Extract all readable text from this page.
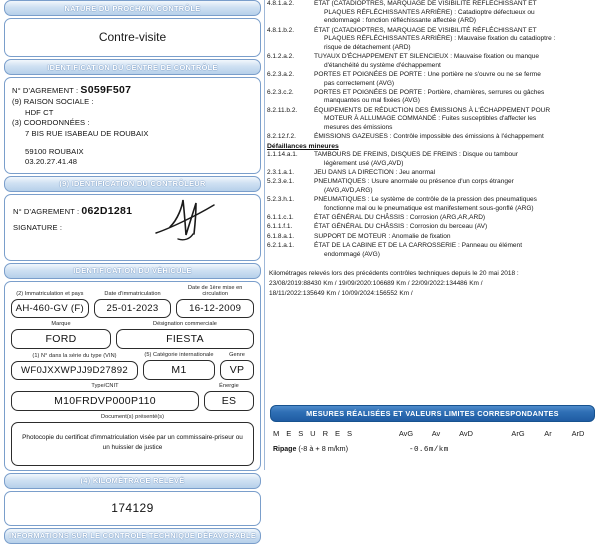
NATURE DU PROCHAIN CONTRÔLE
Contre-visite
IDENTIFICATION DU CENTRE DE CONTRÔLE
N° D'AGREMENT : S059F507
(9) RAISON SOCIALE :
HDF CT
(3) COORDONNÉES :
7 BIS RUE ISABEAU DE ROUBAIX
59100 ROUBAIX
03.20.27.41.48
(9) IDENTIFICATION DU CONTRÔLEUR
N° D'AGREMENT : 062D1281
SIGNATURE :
IDENTIFICATION DU VÉHICULE
(2) Immatriculation et pays
AH-460-GV (F)
Date d'immatriculation
25-01-2023
Date de 1ère mise en circulation
16-12-2009
Marque
FORD
Désignation commerciale
FIESTA
(1) N° dans la série du type (VIN)
WF0JXXWPJJ9D27892
(5) Catégorie internationale
M1
Genre
VP
Type/CNIT
M10FRDVP000P110
Énergie
ES
Document(s) présenté(s)
Photocopie du certificat d'immatriculation visée par un commissaire-priseur ou un huissier de justice
(4) KILOMÉTRAGE RELEVÉ
174129
INFORMATIONS SUR LE CONTROLE TECHNIQUE DÉFAVORABLE
4.8.1.a.2.	ÉTAT (CATADIOPTRES, MARQUAGE DE VISIBILITÉ RÉFLÉCHISSANT ET
PLAQUES RÉFLÉCHISSANTES ARRIÈRE) : Catadioptre défectueux ou
endommagé : fonction réfléchissante affectée (ARD)
4.8.1.b.2.	ÉTAT (CATADIOPTRES, MARQUAGE DE VISIBILITÉ RÉFLÉCHISSANT ET
PLAQUES RÉFLÉCHISSANTES ARRIÈRE) : Mauvaise fixation du catadioptre :
risque de détachement (ARD)
6.1.2.a.2.	TUYAUX D'ÉCHAPPEMENT ET SILENCIEUX : Mauvaise fixation ou manque
d'étanchéité du système d'échappement
6.2.3.a.2.	PORTES ET POIGNÉES DE PORTE : Une portière ne s'ouvre ou ne se ferme
pas correctement (AVG)
6.2.3.c.2.	PORTES ET POIGNÉES DE PORTE : Portière, charnières, serrures ou gâches
manquantes ou mal fixées (AVG)
8.2.11.b.2.	ÉQUIPEMENTS DE RÉDUCTION DES ÉMISSIONS À L'ÉCHAPPEMENT POUR
MOTEUR À ALLUMAGE COMMANDÉ : Fuites susceptibles d'affecter les
mesures des émissions
8.2.12.f.2.	ÉMISSIONS GAZEUSES : Contrôle impossible des émissions à l'échappement
Défaillances mineures
1.1.14.a.1.	TAMBOURS DE FREINS, DISQUES DE FREINS : Disque ou tambour
légèrement usé (AVG,AVD)
2.3.1.a.1.	JEU DANS LA DIRECTION : Jeu anormal
5.2.3.e.1.	PNEUMATIQUES : Usure anormale ou présence d'un corps étranger
(AVG,AVD,ARG)
5.2.3.h.1.	PNEUMATIQUES : Le système de contrôle de la pression des pneumatiques
fonctionne mal ou le pneumatique est manifestement sous-gonflé (ARG)
6.1.1.c.1.	ÉTAT GÉNÉRAL DU CHÂSSIS : Corrosion (ARG,AR,ARD)
6.1.1.f.1.	ÉTAT GÉNÉRAL DU CHÂSSIS : Corrosion du berceau (AV)
6.1.8.a.1.	SUPPORT DE MOTEUR : Anomalie de fixation
6.2.1.a.1.	ÉTAT DE LA CABINE ET DE LA CARROSSERIE : Panneau ou élément
endommagé (AVG)
Kilométrages relevés lors des précédents contrôles techniques depuis le 20 mai 2018 :
23/08/2019:88430 Km / 19/09/2020:106689 Km / 22/09/2022:134486 Km /
18/11/2022:135649 Km / 10/09/2024:156552 Km /
MESURES RÉALISÉES ET VALEURS LIMITES CORRESPONDANTES
M E S U R E S	AvG	Av	AvD	ArG	Ar	ArD
Ripage (-8 à + 8 m/km)	-0.6m/km
